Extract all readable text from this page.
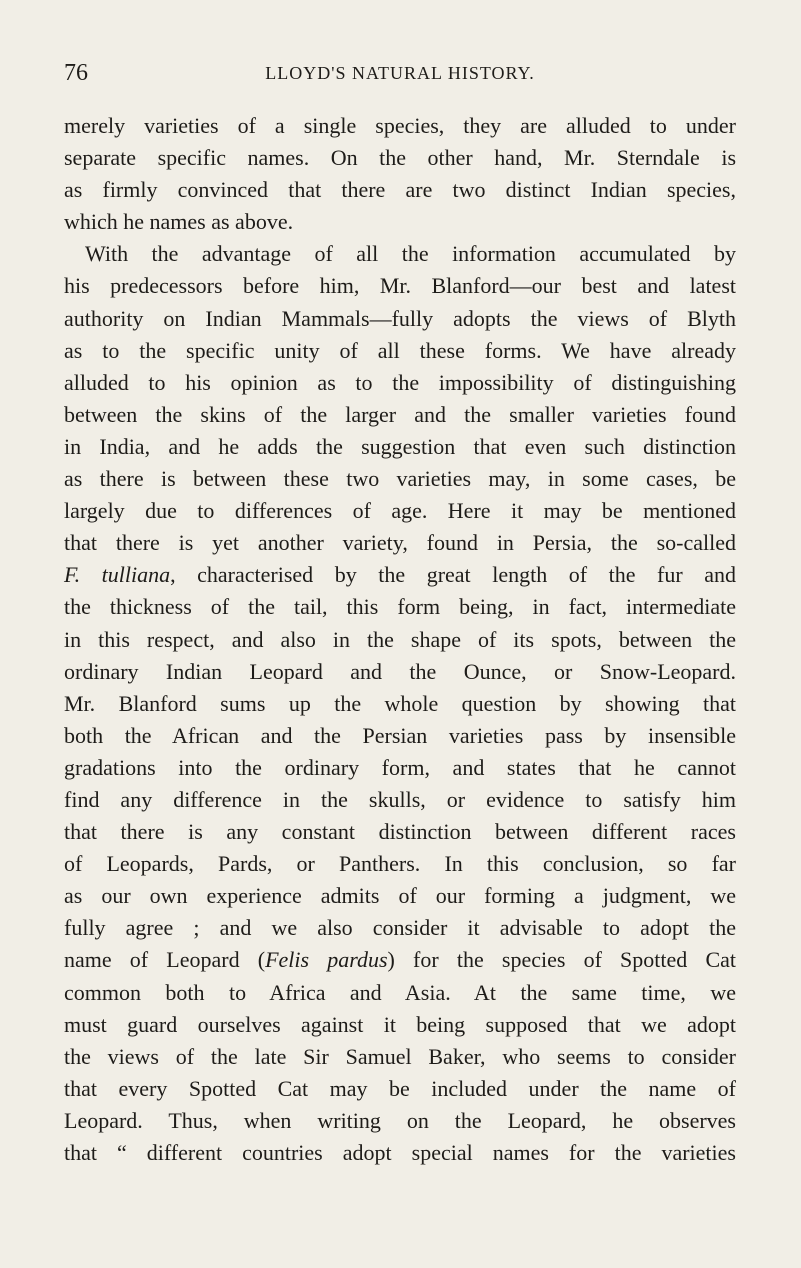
76	LLOYD'S NATURAL HISTORY.
merely varieties of a single species, they are alluded to under
separate specific names. On the other hand, Mr. Sterndale is
as firmly convinced that there are two distinct Indian species,
which he names as above.
With the advantage of all the information accumulated by
his predecessors before him, Mr. Blanford—our best and latest
authority on Indian Mammals—fully adopts the views of Blyth
as to the specific unity of all these forms. We have already
alluded to his opinion as to the impossibility of distinguishing
between the skins of the larger and the smaller varieties found
in India, and he adds the suggestion that even such distinction
as there is between these two varieties may, in some cases, be
largely due to differences of age. Here it may be mentioned
that there is yet another variety, found in Persia, the so-called
F. tulliana, characterised by the great length of the fur and
the thickness of the tail, this form being, in fact, intermediate
in this respect, and also in the shape of its spots, between the
ordinary Indian Leopard and the Ounce, or Snow-Leopard.
Mr. Blanford sums up the whole question by showing that
both the African and the Persian varieties pass by insensible
gradations into the ordinary form, and states that he cannot
find any difference in the skulls, or evidence to satisfy him
that there is any constant distinction between different races
of Leopards, Pards, or Panthers. In this conclusion, so far
as our own experience admits of our forming a judgment, we
fully agree ; and we also consider it advisable to adopt the
name of Leopard (Felis pardus) for the species of Spotted Cat
common both to Africa and Asia. At the same time, we
must guard ourselves against it being supposed that we adopt
the views of the late Sir Samuel Baker, who seems to consider
that every Spotted Cat may be included under the name of
Leopard. Thus, when writing on the Leopard, he observes
that “ different countries adopt special names for the varieties
